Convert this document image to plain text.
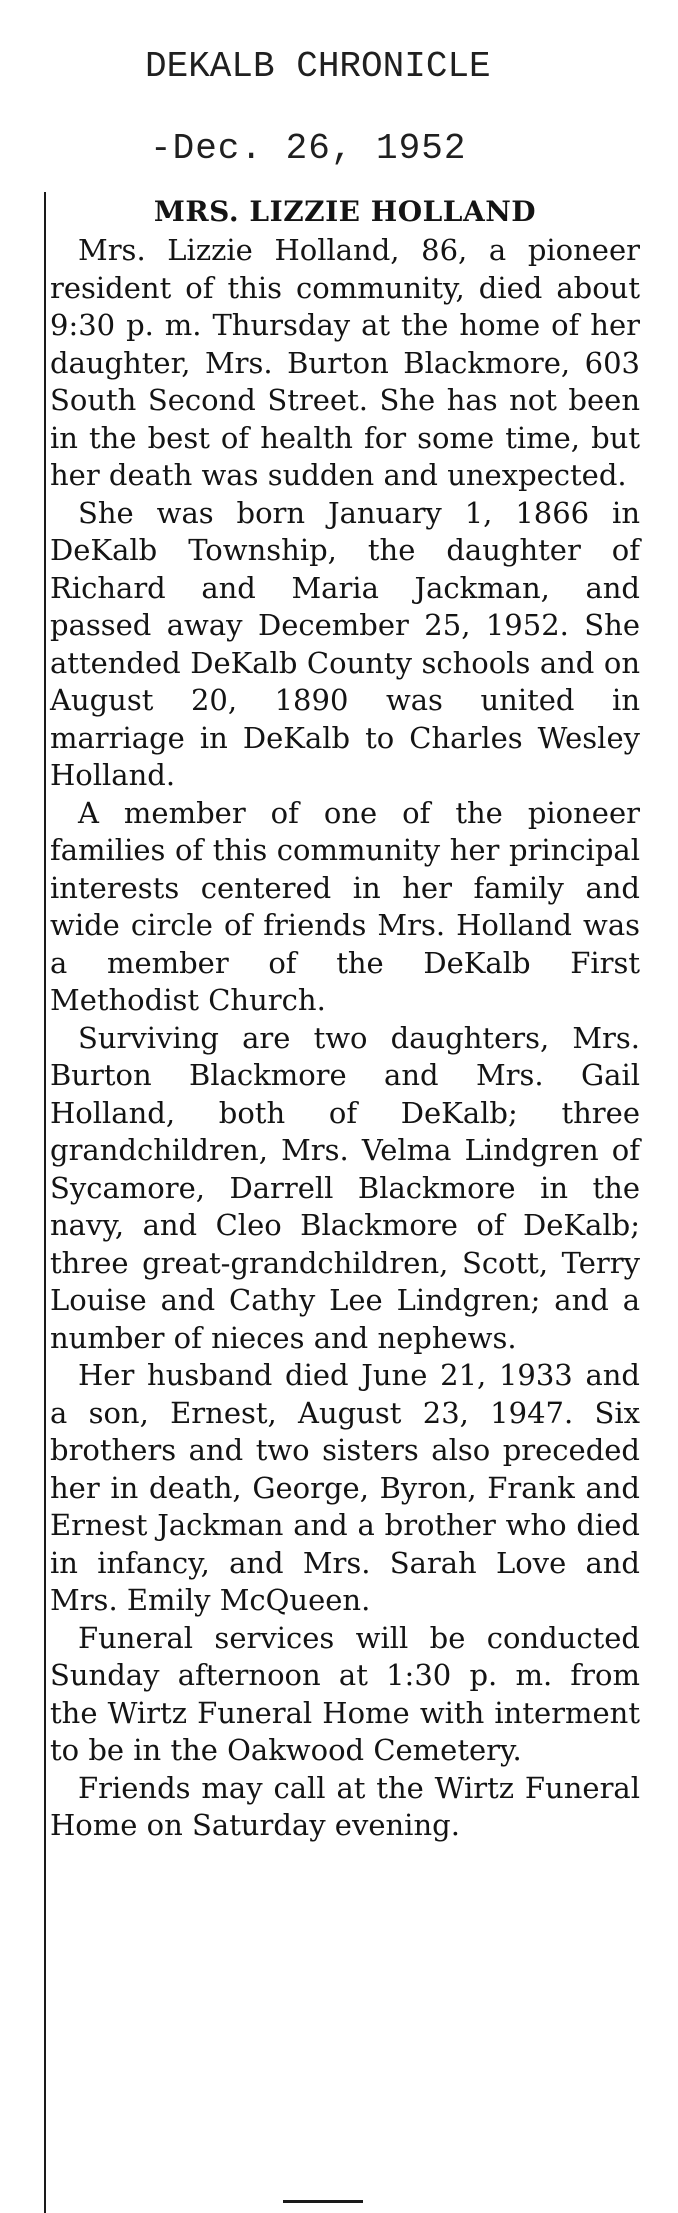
DEKALB CHRONICLE
-Dec. 26, 1952
MRS. LIZZIE HOLLAND

Mrs. Lizzie Holland, 86, a pioneer resident of this community, died about 9:30 p. m. Thursday at the home of her daughter, Mrs. Burton Blackmore, 603 South Second Street. She has not been in the best of health for some time, but her death was sudden and unexpected.

She was born January 1, 1866 in DeKalb Township, the daughter of Richard and Maria Jackman, and passed away December 25, 1952. She attended DeKalb County schools and on August 20, 1890 was united in marriage in DeKalb to Charles Wesley Holland.

A member of one of the pioneer families of this community her principal interests centered in her family and wide circle of friends Mrs. Holland was a member of the DeKalb First Methodist Church.

Surviving are two daughters, Mrs. Burton Blackmore and Mrs. Gail Holland, both of DeKalb; three grandchildren, Mrs. Velma Lindgren of Sycamore, Darrell Blackmore in the navy, and Cleo Blackmore of DeKalb; three great-grandchildren, Scott, Terry Louise and Cathy Lee Lindgren; and a number of nieces and nephews.

Her husband died June 21, 1933 and a son, Ernest, August 23, 1947. Six brothers and two sisters also preceded her in death, George, Byron, Frank and Ernest Jackman and a brother who died in infancy, and Mrs. Sarah Love and Mrs. Emily McQueen.

Funeral services will be conducted Sunday afternoon at 1:30 p. m. from the Wirtz Funeral Home with interment to be in the Oakwood Cemetery.

Friends may call at the Wirtz Funeral Home on Saturday evening.
